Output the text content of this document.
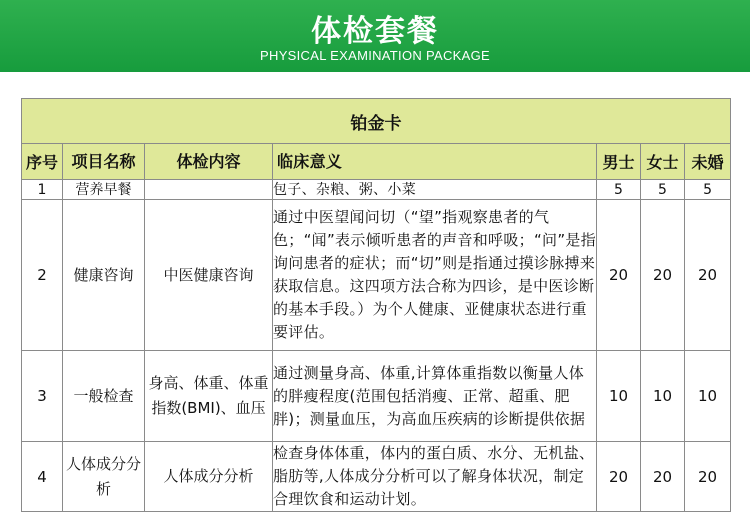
体检套餐
PHYSICAL EXAMINATION PACKAGE
铂金卡						
序号	项目名称	体检内容	临床意义	男士	女士	未婚
1	营养早餐		包子、杂粮、粥、小菜	5	5	5
2	健康咨询	中医健康咨询	通过中医望闻问切（“望”指观察患者的气色；“闻”表示倾听患者的声音和呼吸；“问”是指询问患者的症状；而“切”则是指通过摸诊脉搏来获取信息。这四项方法合称为四诊，是中医诊断的基本手段。）为个人健康、亚健康状态进行重要评估。	20	20	20
3	一般检查	身高、体重、体重指数(BMI)、血压	通过测量身高、体重,计算体重指数以衡量人体的胖瘦程度(范围包括消瘦、正常、超重、肥胖)；测量血压，为高血压疾病的诊断提供依据	10	10	10
4	人体成分分析	人体成分分析	检查身体体重，体内的蛋白质、水分、无机盐、脂肪等,人体成分分析可以了解身体状况，制定合理饮食和运动计划。	20	20	20
